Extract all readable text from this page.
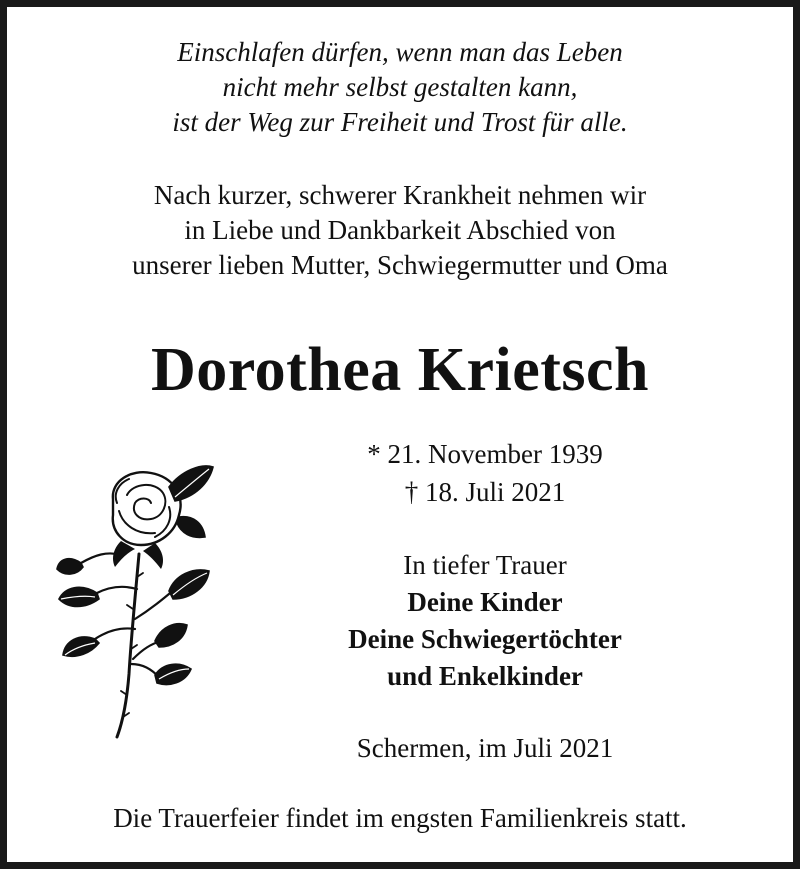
Einschlafen dürfen, wenn man das Leben
nicht mehr selbst gestalten kann,
ist der Weg zur Freiheit und Trost für alle.
Nach kurzer, schwerer Krankheit nehmen wir
in Liebe und Dankbarkeit Abschied von
unserer lieben Mutter, Schwiegermutter und Oma
Dorothea Krietsch
* 21. November 1939
† 18. Juli 2021
In tiefer Trauer
Deine Kinder
Deine Schwiegertöchter
und Enkelkinder
Schermen, im Juli 2021
Die Trauerfeier findet im engsten Familienkreis statt.
